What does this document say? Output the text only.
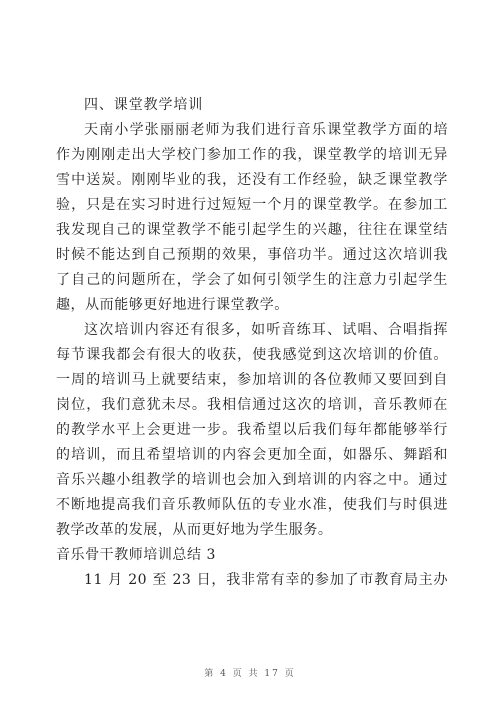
四、课堂教学培训
天南小学张丽丽老师为我们进行音乐课堂教学方面的培
作为刚刚走出大学校门参加工作的我，课堂教学的培训无异
雪中送炭。刚刚毕业的我，还没有工作经验，缺乏课堂教学
验，只是在实习时进行过短短一个月的课堂教学。在参加工
我发现自己的课堂教学不能引起学生的兴趣，往往在课堂结
时候不能达到自己预期的效果，事倍功半。通过这次培训我
了自己的问题所在，学会了如何引领学生的注意力引起学生
趣，从而能够更好地进行课堂教学。
这次培训内容还有很多，如听音练耳、试唱、合唱指挥
每节课我都会有很大的收获，使我感觉到这次培训的价值。
一周的培训马上就要结束，参加培训的各位教师又要回到自
岗位，我们意犹未尽。我相信通过这次的培训，音乐教师在
的教学水平上会更进一步。我希望以后我们每年都能够举行
的培训，而且希望培训的内容会更加全面，如器乐、舞蹈和
音乐兴趣小组教学的培训也会加入到培训的内容之中。通过
不断地提高我们音乐教师队伍的专业水准，使我们与时俱进
教学改革的发展，从而更好地为学生服务。
音乐骨干教师培训总结 3
11 月 20 至 23 日，我非常有幸的参加了市教育局主办
第 4 页 共 17 页
